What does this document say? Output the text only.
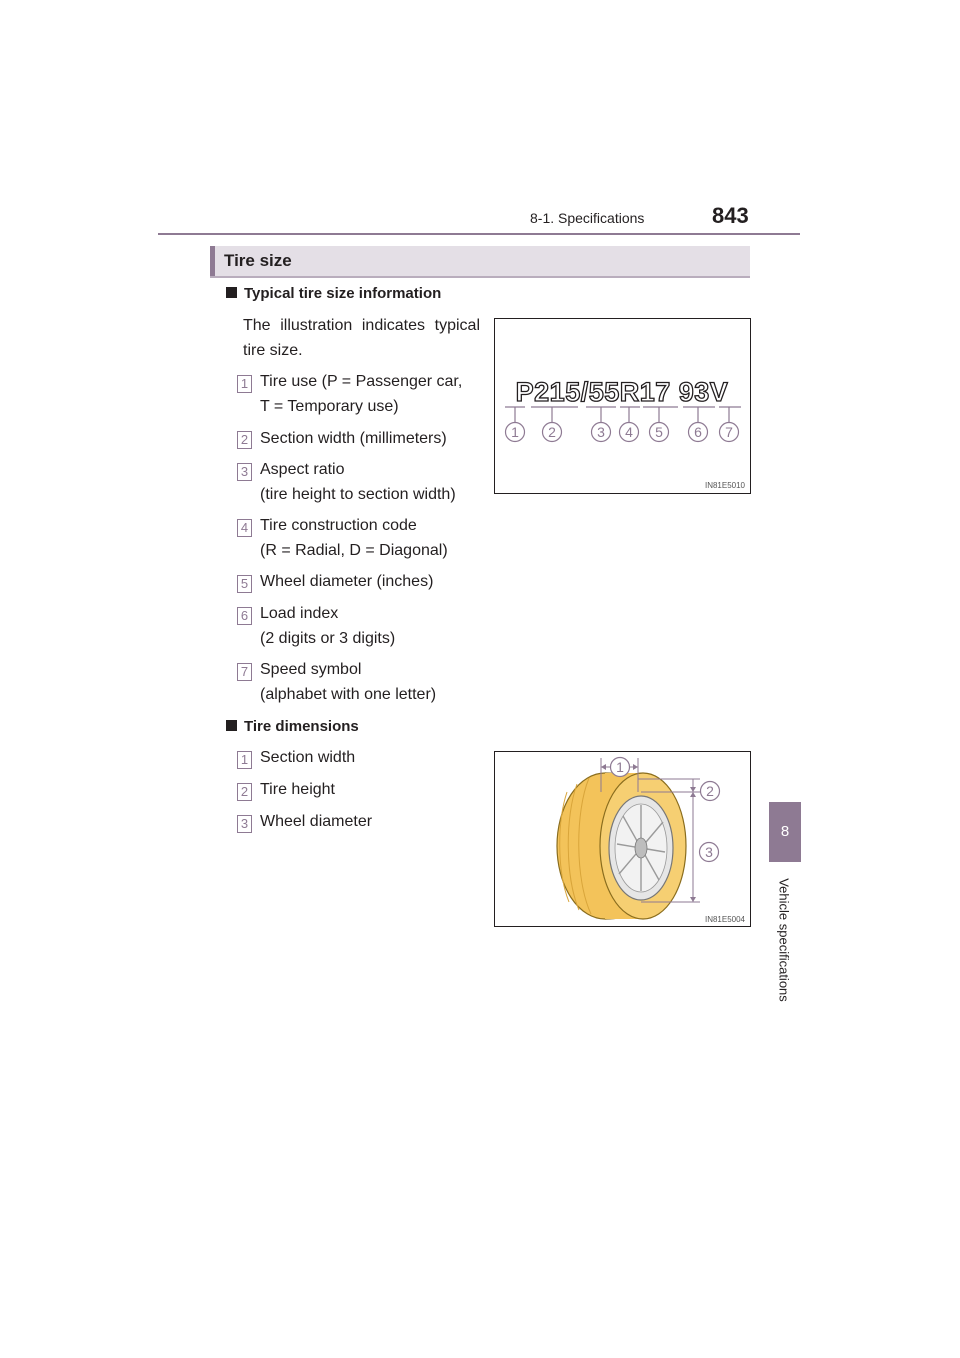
8-1. Specifications	843
8
Vehicle specifications
Tire size
Typical tire size information
The illustration indicates typical tire size.
1 Tire use (P = Passenger car,
T = Temporary use)
2 Section width (millimeters)
3 Aspect ratio
(tire height to section width)
4 Tire construction code
(R = Radial, D = Diagonal)
5 Wheel diameter (inches)
6 Load index
(2 digits or 3 digits)
7 Speed symbol
(alphabet with one letter)
P215/55R17 93V
1 2	3 4 5 6 7
IN81E5010
Tire dimensions
1 Section width
2 Tire height
3 Wheel diameter
1
2
3
IN81E5004
